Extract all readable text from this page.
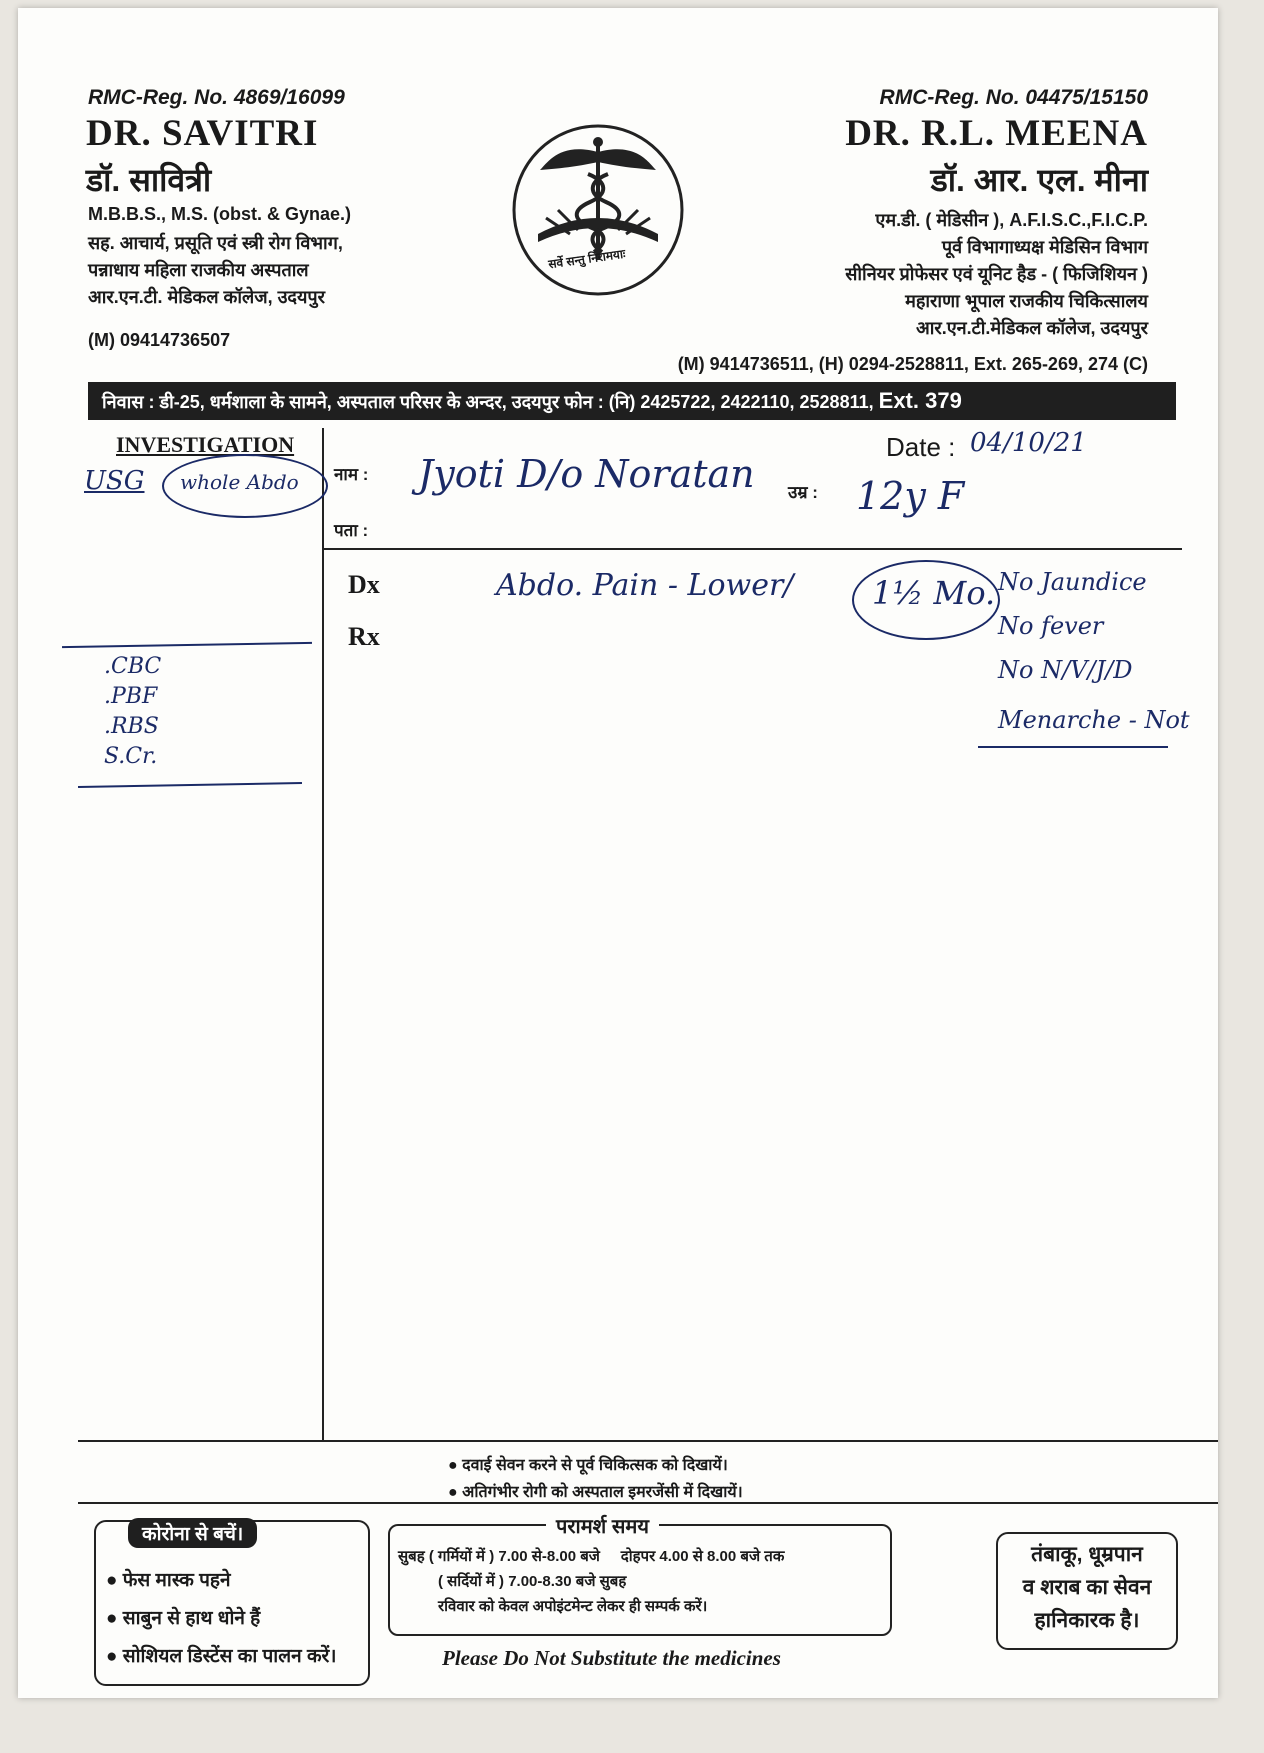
RMC-Reg. No. 4869/16099
DR. SAVITRI
डॉ. सावित्री
M.B.B.S., M.S. (obst. & Gynae.)
सह. आचार्य, प्रसूति एवं स्त्री रोग विभाग,
पन्नाधाय महिला राजकीय अस्पताल
आर.एन.टी. मेडिकल कॉलेज, उदयपुर
(M) 09414736507
सर्वे सन्तु निरामयाः
RMC-Reg. No. 04475/15150
DR. R.L. MEENA
डॉ. आर. एल. मीना
एम.डी. ( मेडिसीन ), A.F.I.S.C.,F.I.C.P.
पूर्व विभागाध्यक्ष मेडिसिन विभाग
सीनियर प्रोफेसर एवं यूनिट हैड - ( फिजिशियन )
महाराणा भूपाल राजकीय चिकित्सालय
आर.एन.टी.मेडिकल कॉलेज, उदयपुर
(M) 9414736511, (H) 0294-2528811, Ext. 265-269, 274 (C)
निवास : डी-25, धर्मशाला के सामने, अस्पताल परिसर के अन्दर, उदयपुर फोन : (नि) 2425722, 2422110, 2528811, Ext. 379
INVESTIGATION
नाम :
उम्र :
पता :
Date :
Dx
Rx
04/10/21
Jyoti D/o Noratan	12y F
USG whole Abdo
.CBC
.PBF
.RBS
S.Cr.
Abdo. Pain - Lower/ 1½ Mo. No Jaundice
No fever
No N/V/J/D
Menarche - Not
● दवाई सेवन करने से पूर्व चिकित्सक को दिखायें।
● अतिगंभीर रोगी को अस्पताल इमरजेंसी में दिखायें।
कोरोना से बचें।
● फेस मास्क पहने
● साबुन से हाथ धोने हैं
● सोशियल डिस्टेंस का पालन करें।
परामर्श समय
सुबह ( गर्मियों में ) 7.00 से-8.00 बजे     दोहपर 4.00 से 8.00 बजे तक
( सर्दियों में ) 7.00-8.30 बजे सुबह
रविवार को केवल अपोइंटमेन्ट लेकर ही सम्पर्क करें।
Please Do Not Substitute the medicines
तंबाकू, धूम्रपान
व शराब का सेवन
हानिकारक है।
